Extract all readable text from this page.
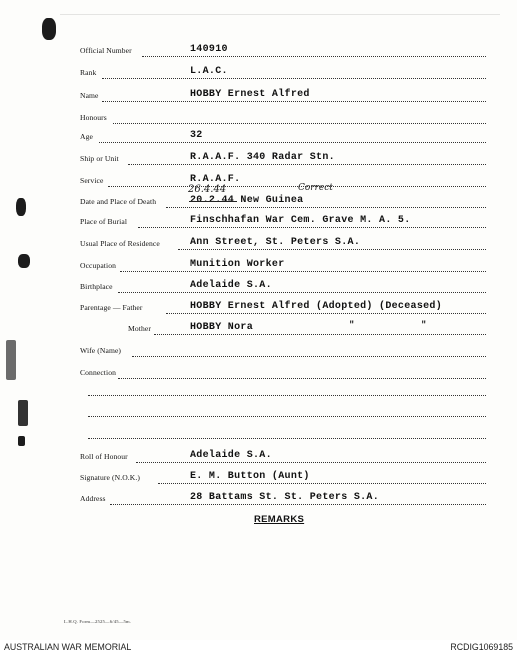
Official Number	140910
Rank	L.A.C.
Name	HOBBY Ernest Alfred
Honours
Age	32
Ship or Unit	R.A.A.F. 340 Radar Stn.
Service	R.A.A.F.
Date and Place of Death	20.2.44 New Guinea
26.4.44	Correct
Place of Burial	Finschhafan War Cem. Grave M. A. 5.
Usual Place of Residence	Ann Street, St. Peters S.A.
Occupation	Munition Worker
Birthplace	Adelaide S.A.
Parentage — Father	HOBBY Ernest Alfred (Adopted) (Deceased)
Mother	HOBBY Nora	"	"
Wife (Name)
Connection
Roll of Honour	Adelaide S.A.
Signature (N.O.K.)	E. M. Button (Aunt)
Address	28 Battams St. St. Peters S.A.
REMARKS
L.H.Q. Form—2525—6/45—5m.
AUSTRALIAN WAR MEMORIAL	RCDIG1069185
